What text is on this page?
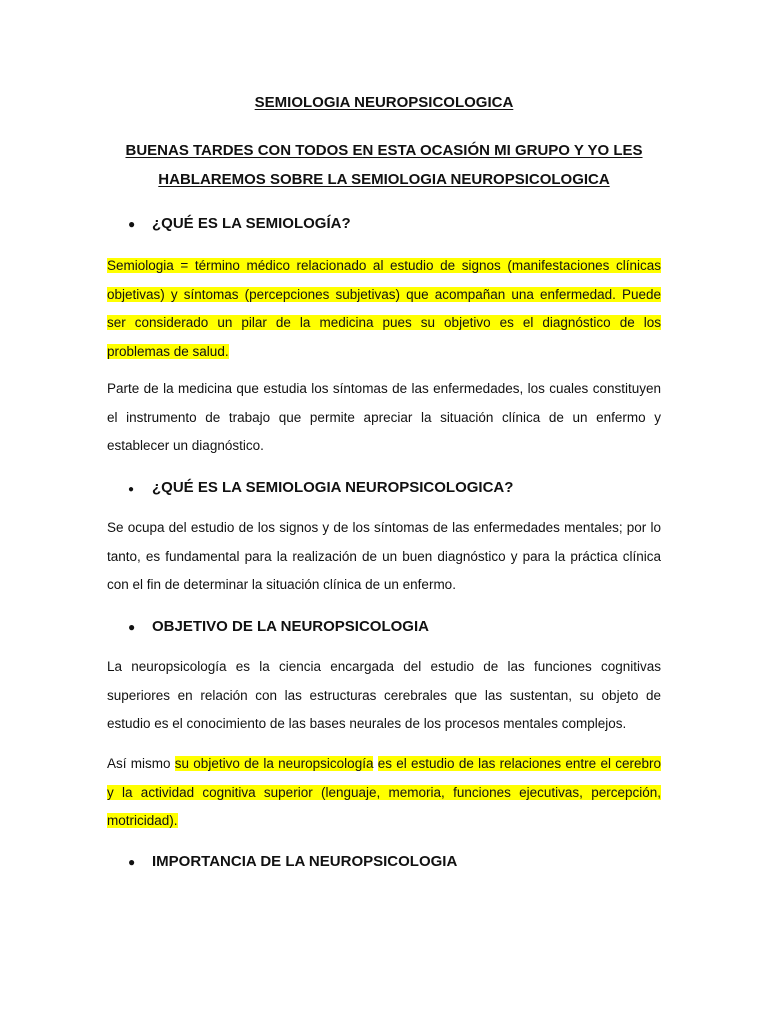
SEMIOLOGIA NEUROPSICOLOGICA
BUENAS TARDES CON TODOS EN ESTA OCASIÓN MI GRUPO Y YO LES
HABLAREMOS SOBRE LA SEMIOLOGIA NEUROPSICOLOGICA
● ¿QUÉ ES LA SEMIOLOGÍA?
Semiologia = término médico relacionado al estudio de signos (manifestaciones clínicas
objetivas) y síntomas (percepciones subjetivas) que acompañan una enfermedad. Puede
ser considerado un pilar de la medicina pues su objetivo es el diagnóstico de los
problemas de salud.
Parte de la medicina que estudia los síntomas de las enfermedades, los cuales constituyen
el instrumento de trabajo que permite apreciar la situación clínica de un enfermo y
establecer un diagnóstico.
● ¿QUÉ ES LA SEMIOLOGIA NEUROPSICOLOGICA?
Se ocupa del estudio de los signos y de los síntomas de las enfermedades mentales; por lo
tanto, es fundamental para la realización de un buen diagnóstico y para la práctica clínica
con el fin de determinar la situación clínica de un enfermo.
● OBJETIVO DE LA NEUROPSICOLOGIA
La neuropsicología es la ciencia encargada del estudio de las funciones cognitivas
superiores en relación con las estructuras cerebrales que las sustentan, su objeto de
estudio es el conocimiento de las bases neurales de los procesos mentales complejos.
Así mismo su objetivo de la neuropsicología es el estudio de las relaciones entre el cerebro
y la actividad cognitiva superior (lenguaje, memoria, funciones ejecutivas, percepción,
motricidad).
● IMPORTANCIA DE LA NEUROPSICOLOGIA
